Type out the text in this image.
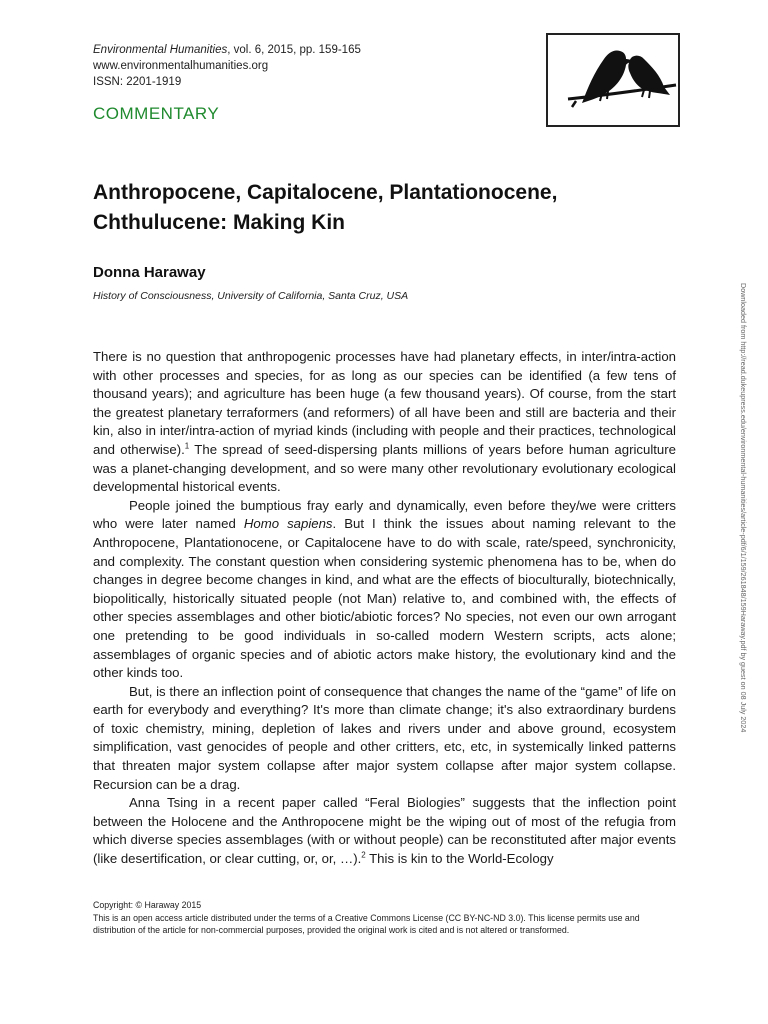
Environmental Humanities, vol. 6, 2015, pp. 159-165

www.environmentalhumanities.org

ISSN: 2201-1919

COMMENTARY
Anthropocene, Capitalocene, Plantationocene, Chthulucene: Making Kin
Donna Haraway
History of Consciousness, University of California, Santa Cruz, USA

There is no question that anthropogenic processes have had planetary effects, in inter/intra-action with other processes and species, for as long as our species can be identified (a few tens of thousand years); and agriculture has been huge (a few thousand years). Of course, from the start the greatest planetary terraformers (and reformers) of all have been and still are bacteria and their kin, also in inter/intra-action of myriad kinds (including with people and their practices, technological and otherwise).$^1$ The spread of seed-dispersing plants millions of years before human agriculture was a planet-changing development, and so were many other revolutionary evolutionary ecological developmental historical events.

People joined the bumptious fray early and dynamically, even before they/we were critters who were later named Homo sapiens. But I think the issues about naming relevant to the Anthropocene, Plantationocene, or Capitalocene have to do with scale, rate/speed, synchronicity, and complexity. The constant question when considering systemic phenomena has to be, when do changes in degree become changes in kind, and what are the effects of bioculturally, biotechnically, biopolitically, historically situated people (not Man) relative to, and combined with, the effects of other species assemblages and other biotic/abiotic forces? No species, not even our own arrogant one pretending to be good individuals in so-called modern Western scripts, acts alone; assemblages of organic species and of abiotic actors make history, the evolutionary kind and the other kinds too.

But, is there an inflection point of consequence that changes the name of the “game” of life on earth for everybody and everything? It's more than climate change; it's also extraordinary burdens of toxic chemistry, mining, depletion of lakes and rivers under and above ground, ecosystem simplification, vast genocides of people and other critters, etc, etc, in systemically linked patterns that threaten major system collapse after major system collapse after major system collapse. Recursion can be a drag.

Anna Tsing in a recent paper called “Feral Biologies” suggests that the inflection point between the Holocene and the Anthropocene might be the wiping out of most of the refugia from which diverse species assemblages (with or without people) can be reconstituted after major events (like desertification, or clear cutting, or, or, …).$^2$ This is kin to the World-Ecology

Copyright: © Haraway 2015

This is an open access article distributed under the terms of a Creative Commons License (CC BY-NC-ND 3.0). This license permits use and distribution of the article for non-commercial purposes, provided the original work is cited and is not altered or transformed.

Downloaded from http://read.dukeupress.edu/environmental-humanities/article-pdf/6/1/159/261848/159Haraway.pdf by guest on 08 July 2024
